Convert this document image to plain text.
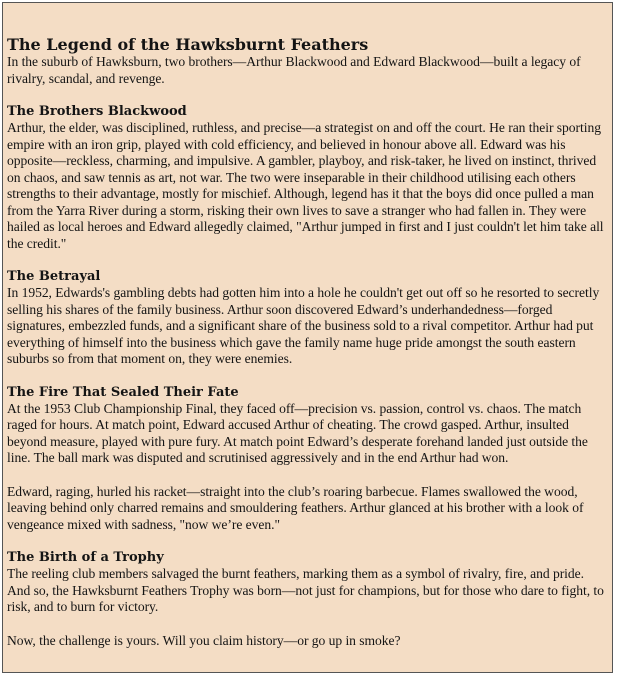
The Legend of the Hawksburnt Feathers

In the suburb of Hawksburn, two brothers—Arthur Blackwood and Edward Blackwood—built a legacy of rivalry, scandal, and revenge.

The Brothers Blackwood

Arthur, the elder, was disciplined, ruthless, and precise—a strategist on and off the court. He ran their sporting empire with an iron grip, played with cold efficiency, and believed in honour above all. Edward was his opposite—reckless, charming, and impulsive. A gambler, playboy, and risk-taker, he lived on instinct, thrived on chaos, and saw tennis as art, not war. The two were inseparable in their childhood utilising each others strengths to their advantage, mostly for mischief. Although, legend has it that the boys did once pulled a man from the Yarra River during a storm, risking their own lives to save a stranger who had fallen in. They were hailed as local heroes and Edward allegedly claimed, "Arthur jumped in first and I just couldn't let him take all the credit."

The Betrayal

In 1952, Edwards's gambling debts had gotten him into a hole he couldn't get out off so he resorted to secretly selling his shares of the family business. Arthur soon discovered Edward’s underhandedness—forged signatures, embezzled funds, and a significant share of the business sold to a rival competitor. Arthur had put everything of himself into the business which gave the family name huge pride amongst the south eastern suburbs so from that moment on, they were enemies.

The Fire That Sealed Their Fate

At the 1953 Club Championship Final, they faced off—precision vs. passion, control vs. chaos. The match raged for hours. At match point, Edward accused Arthur of cheating. The crowd gasped. Arthur, insulted beyond measure, played with pure fury. At match point Edward’s desperate forehand landed just outside the line. The ball mark was disputed and scrutinised aggressively and in the end Arthur had won.

Edward, raging, hurled his racket—straight into the club’s roaring barbecue. Flames swallowed the wood, leaving behind only charred remains and smouldering feathers. Arthur glanced at his brother with a look of vengeance mixed with sadness, "now we’re even."

The Birth of a Trophy

The reeling club members salvaged the burnt feathers, marking them as a symbol of rivalry, fire, and pride. And so, the Hawksburnt Feathers Trophy was born—not just for champions, but for those who dare to fight, to risk, and to burn for victory.

Now, the challenge is yours. Will you claim history—or go up in smoke?
